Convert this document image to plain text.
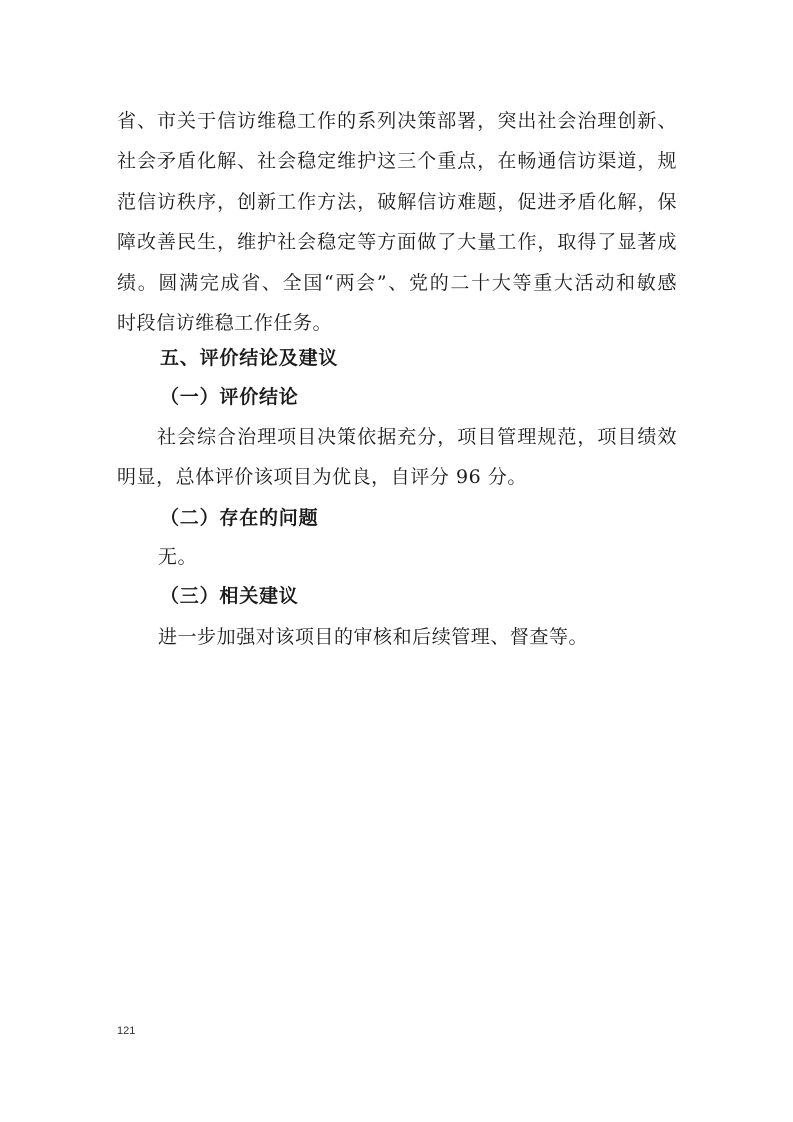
省、市关于信访维稳工作的系列决策部署，突出社会治理创新、
社会矛盾化解、社会稳定维护这三个重点，在畅通信访渠道，规
范信访秩序，创新工作方法，破解信访难题，促进矛盾化解，保
障改善民生，维护社会稳定等方面做了大量工作，取得了显著成
绩。圆满完成省、全国“两会”、党的二十大等重大活动和敏感
时段信访维稳工作任务。
五、评价结论及建议
（一）评价结论
社会综合治理项目决策依据充分，项目管理规范，项目绩效
明显，总体评价该项目为优良，自评分 96 分。
（二）存在的问题
无。
（三）相关建议
进一步加强对该项目的审核和后续管理、督查等。
121
